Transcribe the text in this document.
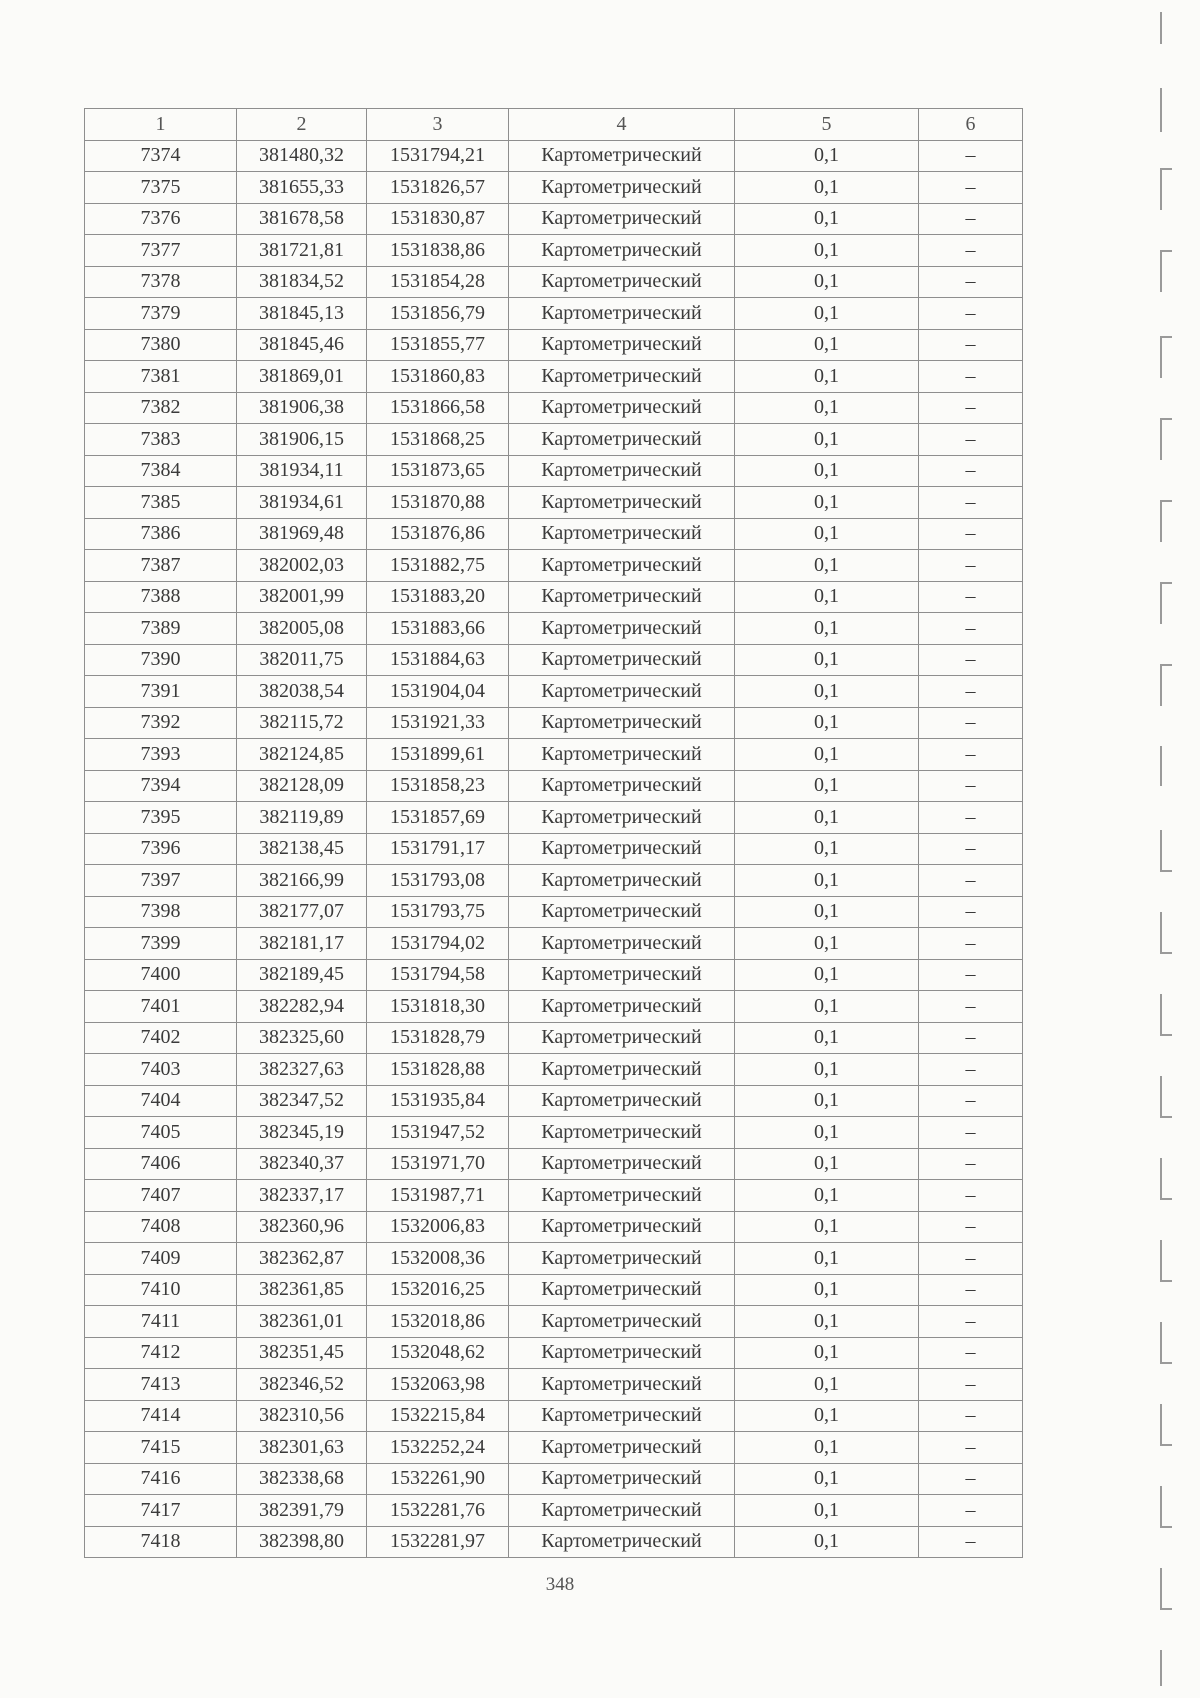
1	2	3	4	5	6
7374	381480,32	1531794,21	Картометрический	0,1	–
7375	381655,33	1531826,57	Картометрический	0,1	–
7376	381678,58	1531830,87	Картометрический	0,1	–
7377	381721,81	1531838,86	Картометрический	0,1	–
7378	381834,52	1531854,28	Картометрический	0,1	–
7379	381845,13	1531856,79	Картометрический	0,1	–
7380	381845,46	1531855,77	Картометрический	0,1	–
7381	381869,01	1531860,83	Картометрический	0,1	–
7382	381906,38	1531866,58	Картометрический	0,1	–
7383	381906,15	1531868,25	Картометрический	0,1	–
7384	381934,11	1531873,65	Картометрический	0,1	–
7385	381934,61	1531870,88	Картометрический	0,1	–
7386	381969,48	1531876,86	Картометрический	0,1	–
7387	382002,03	1531882,75	Картометрический	0,1	–
7388	382001,99	1531883,20	Картометрический	0,1	–
7389	382005,08	1531883,66	Картометрический	0,1	–
7390	382011,75	1531884,63	Картометрический	0,1	–
7391	382038,54	1531904,04	Картометрический	0,1	–
7392	382115,72	1531921,33	Картометрический	0,1	–
7393	382124,85	1531899,61	Картометрический	0,1	–
7394	382128,09	1531858,23	Картометрический	0,1	–
7395	382119,89	1531857,69	Картометрический	0,1	–
7396	382138,45	1531791,17	Картометрический	0,1	–
7397	382166,99	1531793,08	Картометрический	0,1	–
7398	382177,07	1531793,75	Картометрический	0,1	–
7399	382181,17	1531794,02	Картометрический	0,1	–
7400	382189,45	1531794,58	Картометрический	0,1	–
7401	382282,94	1531818,30	Картометрический	0,1	–
7402	382325,60	1531828,79	Картометрический	0,1	–
7403	382327,63	1531828,88	Картометрический	0,1	–
7404	382347,52	1531935,84	Картометрический	0,1	–
7405	382345,19	1531947,52	Картометрический	0,1	–
7406	382340,37	1531971,70	Картометрический	0,1	–
7407	382337,17	1531987,71	Картометрический	0,1	–
7408	382360,96	1532006,83	Картометрический	0,1	–
7409	382362,87	1532008,36	Картометрический	0,1	–
7410	382361,85	1532016,25	Картометрический	0,1	–
7411	382361,01	1532018,86	Картометрический	0,1	–
7412	382351,45	1532048,62	Картометрический	0,1	–
7413	382346,52	1532063,98	Картометрический	0,1	–
7414	382310,56	1532215,84	Картометрический	0,1	–
7415	382301,63	1532252,24	Картометрический	0,1	–
7416	382338,68	1532261,90	Картометрический	0,1	–
7417	382391,79	1532281,76	Картометрический	0,1	–
7418	382398,80	1532281,97	Картометрический	0,1	–
348
